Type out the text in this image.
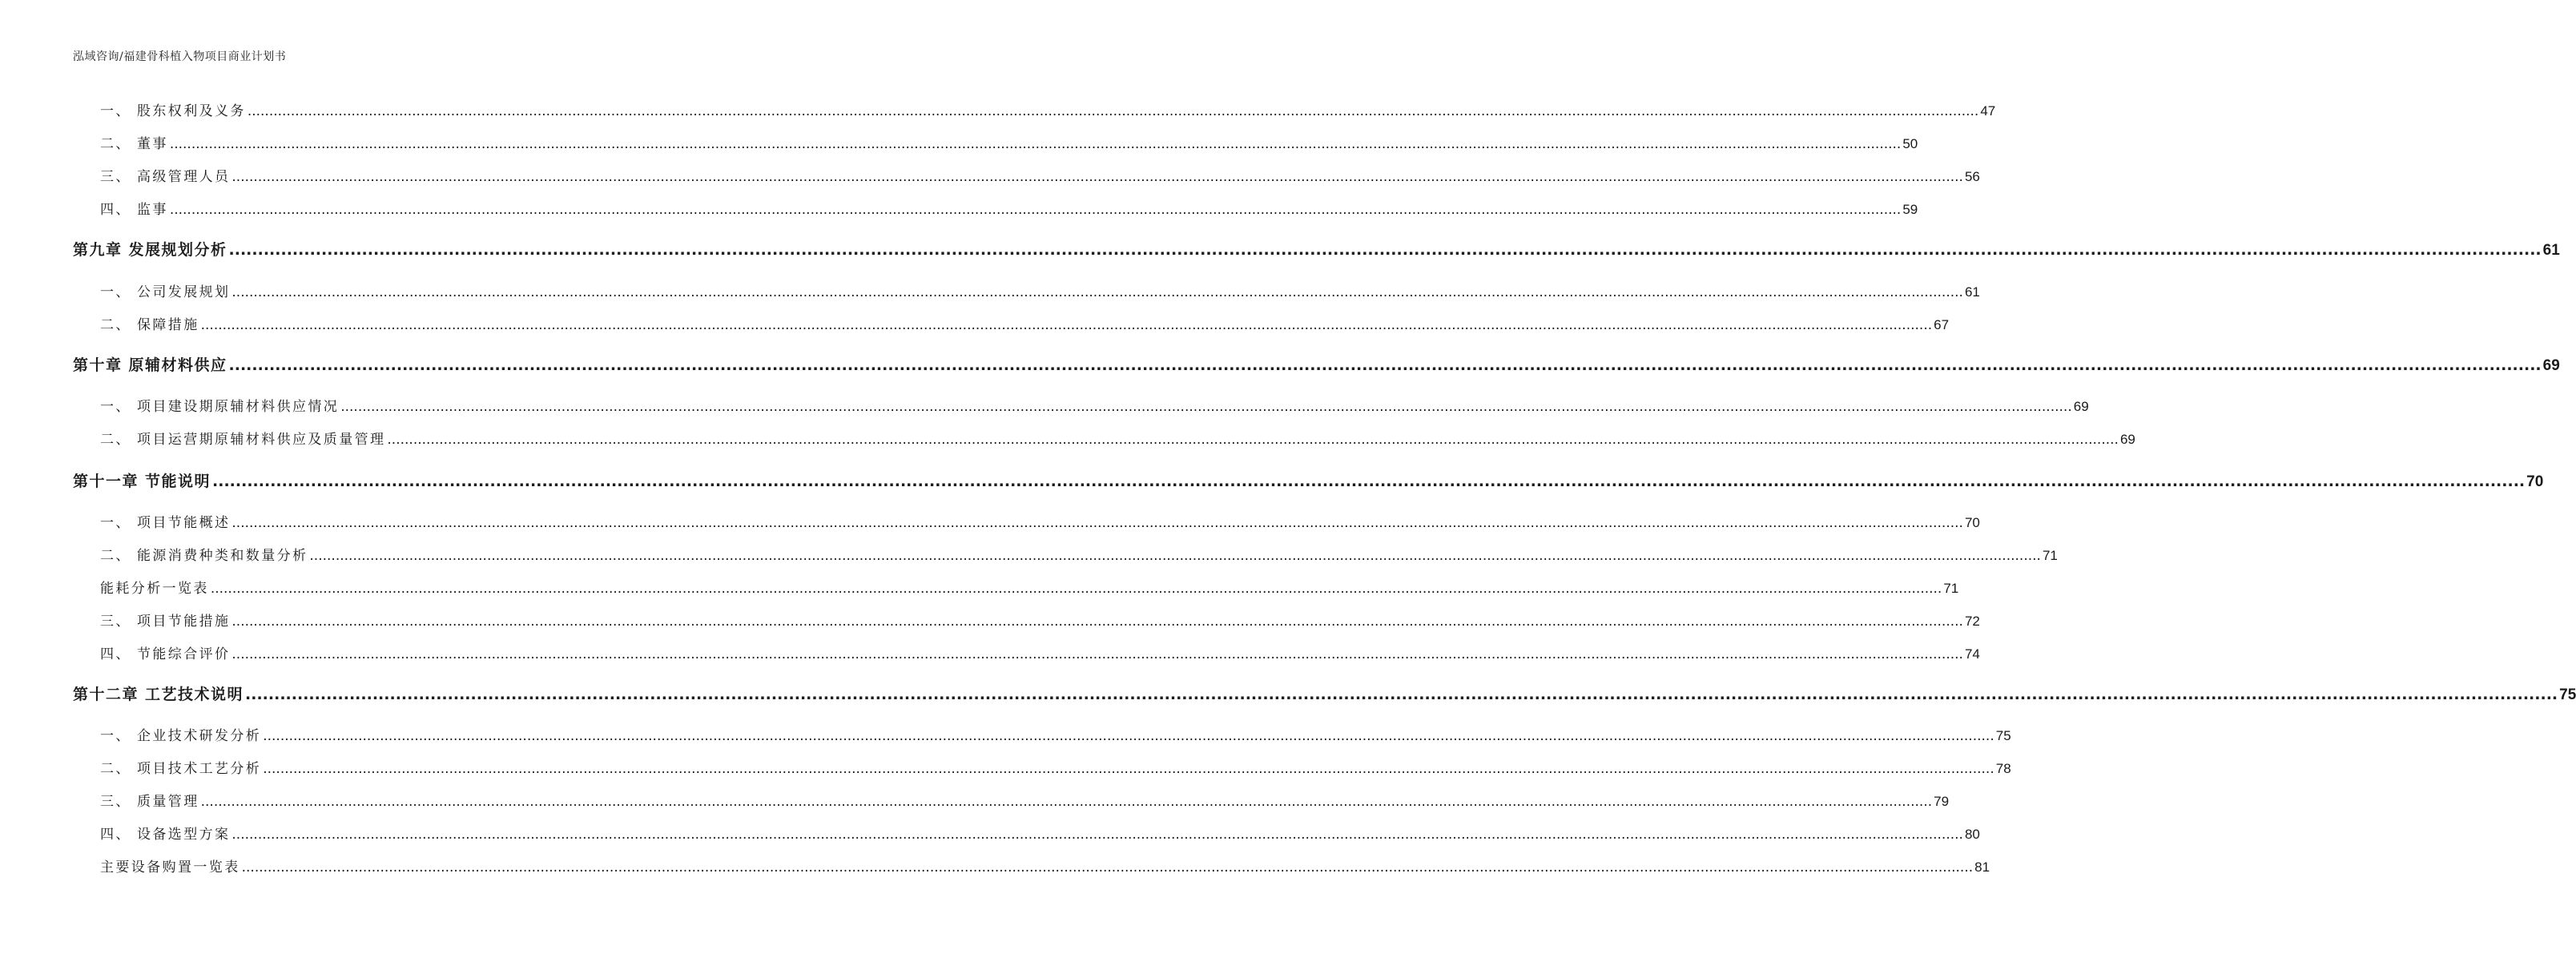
泓域咨询/福建骨科植入物项目商业计划书
一、 股东权利及义务 ................................................................................................................................................................................................................................................................................................................................................................................................................ 47
二、 董事 ................................................................................................................................................................................................................................................................................................................................................................................................................ 50
三、 高级管理人员 ................................................................................................................................................................................................................................................................................................................................................................................................................ 56
四、 监事 ................................................................................................................................................................................................................................................................................................................................................................................................................ 59
第九章 发展规划分析 ................................................................................................................................................................................................................................................................................................................................................................................................................ 61
一、 公司发展规划 ................................................................................................................................................................................................................................................................................................................................................................................................................ 61
二、 保障措施 ................................................................................................................................................................................................................................................................................................................................................................................................................ 67
第十章 原辅材料供应 ................................................................................................................................................................................................................................................................................................................................................................................................................ 69
一、 项目建设期原辅材料供应情况 ................................................................................................................................................................................................................................................................................................................................................................................................................ 69
二、 项目运营期原辅材料供应及质量管理 ................................................................................................................................................................................................................................................................................................................................................................................................................ 69
第十一章 节能说明 ................................................................................................................................................................................................................................................................................................................................................................................................................ 70
一、 项目节能概述 ................................................................................................................................................................................................................................................................................................................................................................................................................ 70
二、 能源消费种类和数量分析 ................................................................................................................................................................................................................................................................................................................................................................................................................ 71
能耗分析一览表 ................................................................................................................................................................................................................................................................................................................................................................................................................ 71
三、 项目节能措施 ................................................................................................................................................................................................................................................................................................................................................................................................................ 72
四、 节能综合评价 ................................................................................................................................................................................................................................................................................................................................................................................................................ 74
第十二章 工艺技术说明 ................................................................................................................................................................................................................................................................................................................................................................................................................ 75
一、 企业技术研发分析 ................................................................................................................................................................................................................................................................................................................................................................................................................ 75
二、 项目技术工艺分析 ................................................................................................................................................................................................................................................................................................................................................................................................................ 78
三、 质量管理 ................................................................................................................................................................................................................................................................................................................................................................................................................ 79
四、 设备选型方案 ................................................................................................................................................................................................................................................................................................................................................................................................................ 80
主要设备购置一览表 ................................................................................................................................................................................................................................................................................................................................................................................................................ 81
